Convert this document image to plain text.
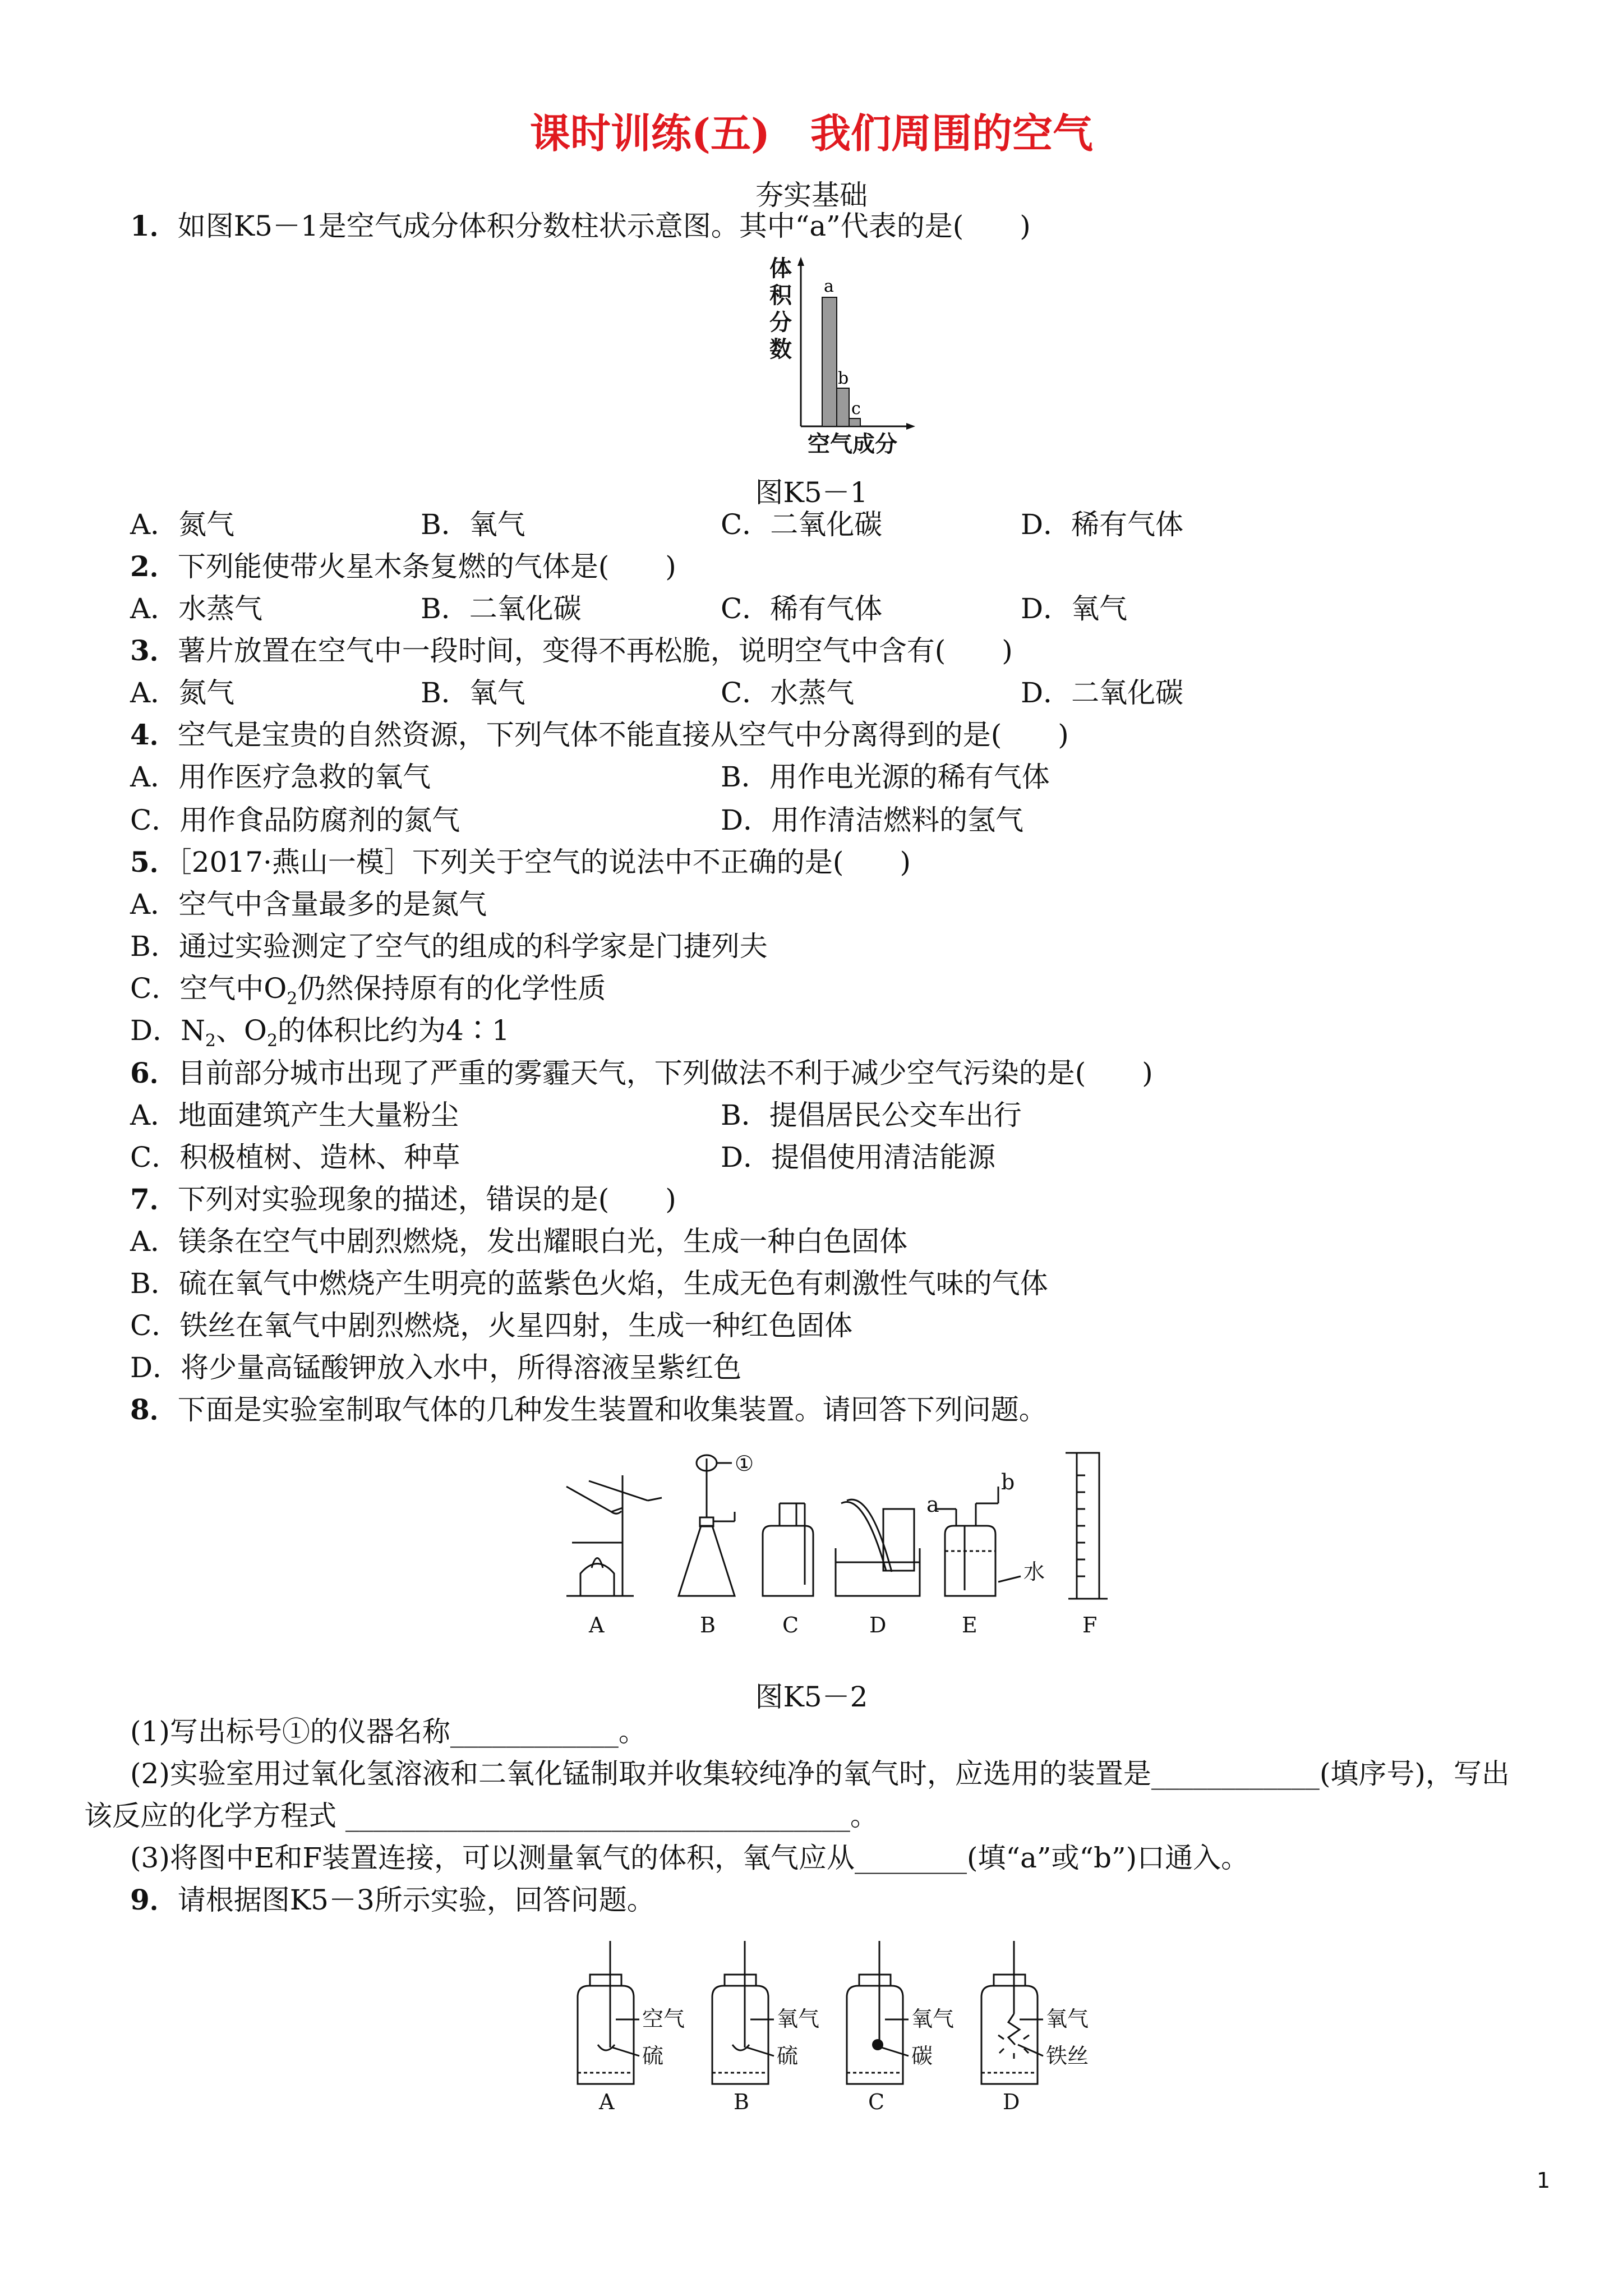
课时训练(五)　我们周围的空气
夯实基础
1．如图K5－1是空气成分体积分数柱状示意图。其中“a”代表的是(　　)
a
b
c
体积分数
空气成分
图K5－1
A．氮气	B．氧气	C．二氧化碳	D．稀有气体
2．下列能使带火星木条复燃的气体是(　　)
A．水蒸气	B．二氧化碳	C．稀有气体	D．氧气
3．薯片放置在空气中一段时间，变得不再松脆，说明空气中含有(　　)
A．氮气	B．氧气	C．水蒸气	D．二氧化碳
4．空气是宝贵的自然资源，下列气体不能直接从空气中分离得到的是(　　)
A．用作医疗急救的氧气	B．用作电光源的稀有气体
C．用作食品防腐剂的氮气	D．用作清洁燃料的氢气
5．［2017·燕山一模］下列关于空气的说法中不正确的是(　　)
A．空气中含量最多的是氮气
B．通过实验测定了空气的组成的科学家是门捷列夫
C．空气中$O_2$仍然保持原有的化学性质
D．$N_2$、$O_2$的体积比约为4∶1
6．目前部分城市出现了严重的雾霾天气，下列做法不利于减少空气污染的是(　　)
A．地面建筑产生大量粉尘	B．提倡居民公交车出行
C．积极植树、造林、种草	D．提倡使用清洁能源
7．下列对实验现象的描述，错误的是(　　)
A．镁条在空气中剧烈燃烧，发出耀眼白光，生成一种白色固体
B．硫在氧气中燃烧产生明亮的蓝紫色火焰，生成无色有刺激性气味的气体
C．铁丝在氧气中剧烈燃烧，火星四射，生成一种红色固体
D．将少量高锰酸钾放入水中，所得溶液呈紫红色
8．下面是实验室制取气体的几种发生装置和收集装置。请回答下列问题。
①
a
b
水
A	B	C	D	E	F
图K5－2
(1)写出标号①的仪器名称____________。
(2)实验室用过氧化氢溶液和二氧化锰制取并收集较纯净的氧气时，应选用的装置是____________(填序号)，写出
该反应的化学方程式 ____________________________________。
(3)将图中E和F装置连接，可以测量氧气的体积，氧气应从________(填“a”或“b”)口通入。
9．请根据图K5－3所示实验，回答问题。
空气
硫
氧气
硫
氧气
碳
氧气
铁丝
A	B	C	D
1
